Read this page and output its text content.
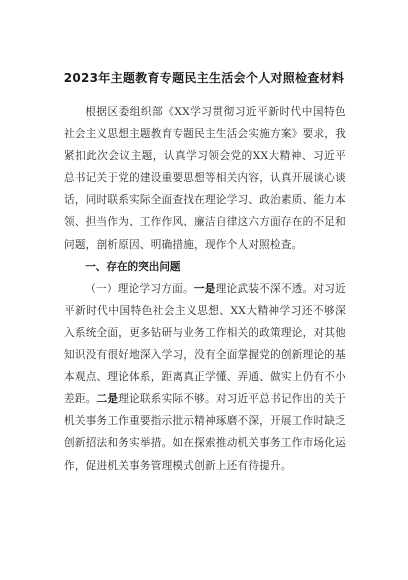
2023年主题教育专题民主生活会个人对照检查材料

根据区委组织部《XX学习贯彻习近平新时代中国特色社会主义思想主题教育专题民主生活会实施方案》要求，我紧扣此次会议主题，认真学习领会党的XX大精神、习近平总书记关于党的建设重要思想等相关内容，认真开展谈心谈话，同时联系实际全面查找在理论学习、政治素质、能力本领、担当作为、工作作风、廉洁自律这六方面存在的不足和问题，剖析原因、明确措施，现作个人对照检查。

一、存在的突出问题

（一）理论学习方面。一是理论武装不深不透。对习近平新时代中国特色社会主义思想、XX大精神学习还不够深入系统全面，更多钻研与业务工作相关的政策理论，对其他知识没有很好地深入学习，没有全面掌握党的创新理论的基本观点、理论体系，距离真正学懂、弄通、做实上仍有不小差距。二是理论联系实际不够。对习近平总书记作出的关于机关事务工作重要指示批示精神琢磨不深，开展工作时缺乏创新招法和务实举措。如在探索推动机关事务工作市场化运作，促进机关事务管理模式创新上还有待提升。
